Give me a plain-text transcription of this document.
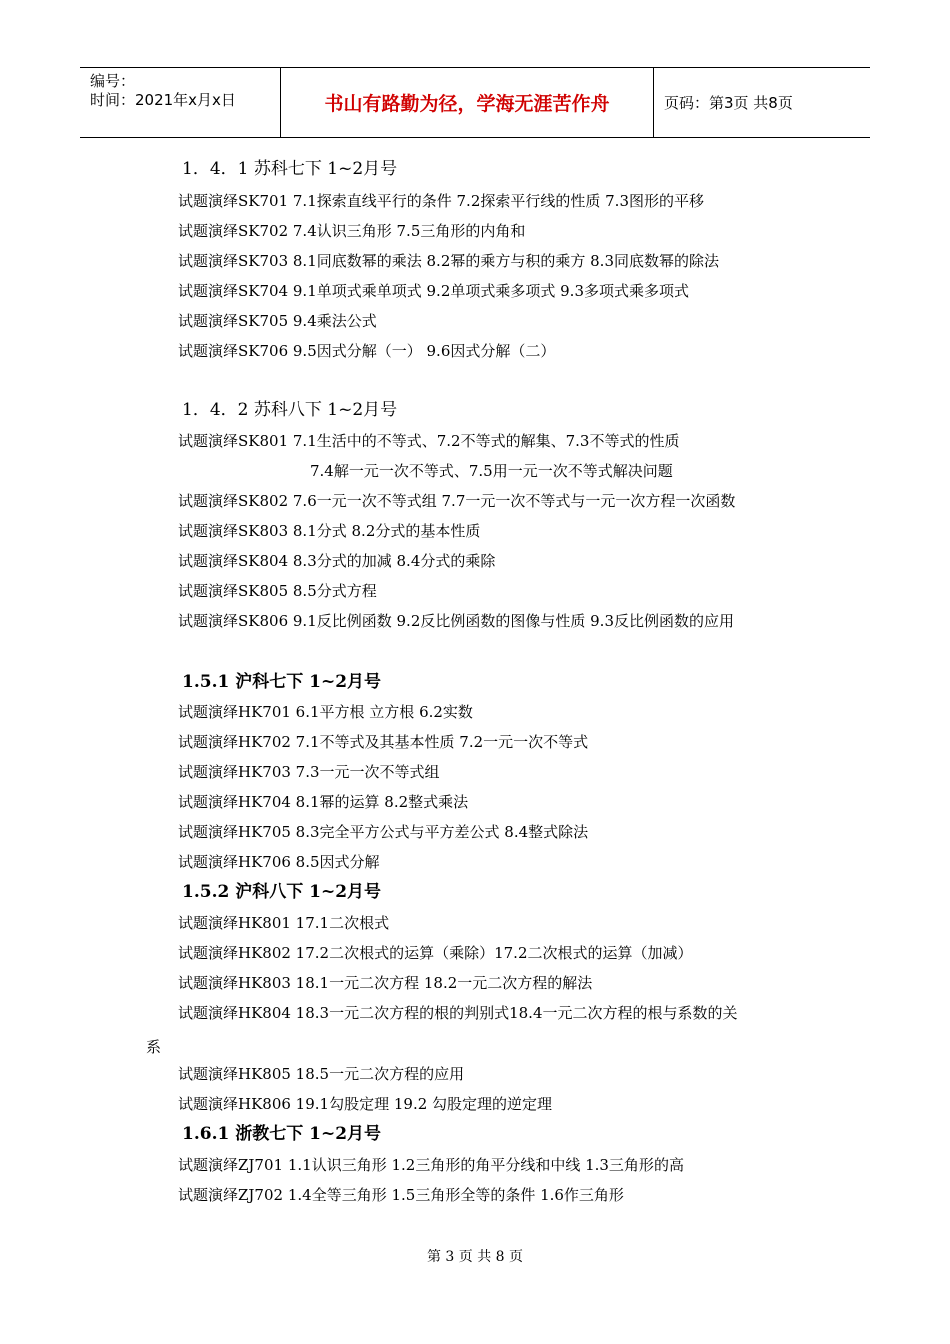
编号：
时间：2021年x月x日	书山有路勤为径，学海无涯苦作舟	页码：第3页 共8页
1．4．1 苏科七下 1~2月号
试题演绎SK701 7.1探索直线平行的条件 7.2探索平行线的性质 7.3图形的平移
试题演绎SK702 7.4认识三角形 7.5三角形的内角和
试题演绎SK703 8.1同底数幂的乘法 8.2幂的乘方与积的乘方 8.3同底数幂的除法
试题演绎SK704 9.1单项式乘单项式 9.2单项式乘多项式 9.3多项式乘多项式
试题演绎SK705 9.4乘法公式
试题演绎SK706 9.5因式分解（一） 9.6因式分解（二）
1．4．2 苏科八下 1~2月号
试题演绎SK801 7.1生活中的不等式、7.2不等式的解集、7.3不等式的性质
7.4解一元一次不等式、7.5用一元一次不等式解决问题
试题演绎SK802 7.6一元一次不等式组 7.7一元一次不等式与一元一次方程一次函数
试题演绎SK803 8.1分式 8.2分式的基本性质
试题演绎SK804 8.3分式的加减 8.4分式的乘除
试题演绎SK805 8.5分式方程
试题演绎SK806 9.1反比例函数 9.2反比例函数的图像与性质 9.3反比例函数的应用
1.5.1 沪科七下 1~2月号
试题演绎HK701 6.1平方根 立方根 6.2实数
试题演绎HK702 7.1不等式及其基本性质 7.2一元一次不等式
试题演绎HK703 7.3一元一次不等式组
试题演绎HK704 8.1幂的运算 8.2整式乘法
试题演绎HK705 8.3完全平方公式与平方差公式 8.4整式除法
试题演绎HK706 8.5因式分解
1.5.2 沪科八下 1~2月号
试题演绎HK801 17.1二次根式
试题演绎HK802 17.2二次根式的运算（乘除）17.2二次根式的运算（加减）
试题演绎HK803 18.1一元二次方程 18.2一元二次方程的解法
试题演绎HK804 18.3一元二次方程的根的判别式18.4一元二次方程的根与系数的关
系
试题演绎HK805 18.5一元二次方程的应用
试题演绎HK806 19.1勾股定理 19.2 勾股定理的逆定理
1.6.1 浙教七下 1~2月号
试题演绎ZJ701 1.1认识三角形 1.2三角形的角平分线和中线 1.3三角形的高
试题演绎ZJ702 1.4全等三角形 1.5三角形全等的条件 1.6作三角形
第 3 页 共 8 页
